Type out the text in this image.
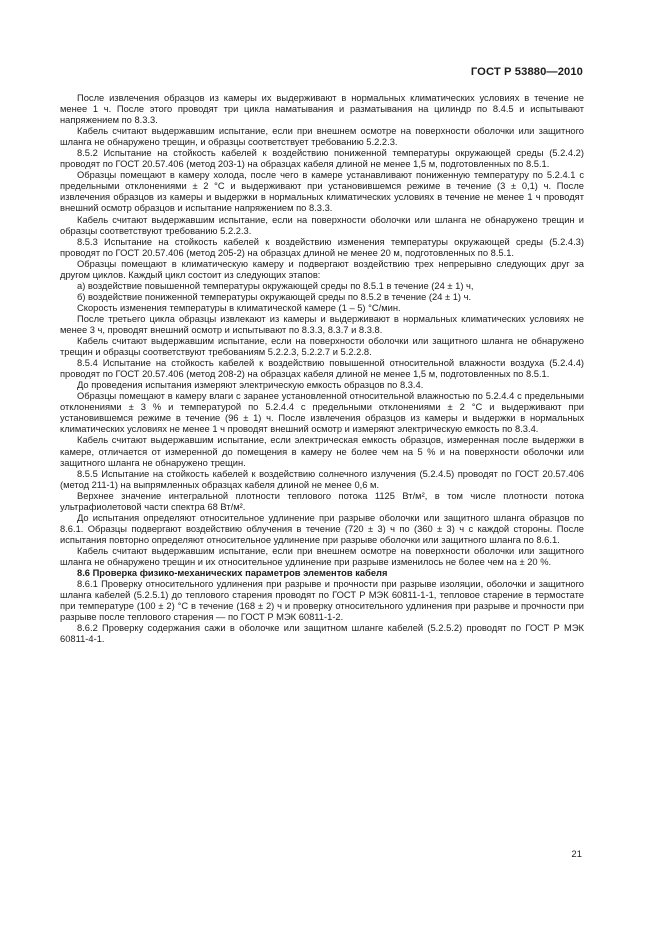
ГОСТ Р 53880—2010

После извлечения образцов из камеры их выдерживают в нормальных климатических условиях в течение не менее 1 ч. После этого проводят три цикла наматывания и разматывания на цилиндр по 8.4.5 и испытывают напряжением по 8.3.3.

Кабель считают выдержавшим испытание, если при внешнем осмотре на поверхности оболочки или защитного шланга не обнаружено трещин, и образцы соответствует требованию 5.2.2.3.

8.5.2 Испытание на стойкость кабелей к воздействию пониженной температуры окружающей среды (5.2.4.2) проводят по ГОСТ 20.57.406 (метод 203-1) на образцах кабеля длиной не менее 1,5 м, подготовленных по 8.5.1.

Образцы помещают в камеру холода, после чего в камере устанавливают пониженную температуру по 5.2.4.1 с предельными отклонениями ± 2 °С и выдерживают при установившемся режиме в течение (3 ± 0,1) ч. После извлечения образцов из камеры и выдержки в нормальных климатических условиях в течение не менее 1 ч проводят внешний осмотр образцов и испытание напряжением по 8.3.3.

Кабель считают выдержавшим испытание, если на поверхности оболочки или шланга не обнаружено трещин и образцы соответствуют требованию 5.2.2.3.

8.5.3 Испытание на стойкость кабелей к воздействию изменения температуры окружающей среды (5.2.4.3) проводят по ГОСТ 20.57.406 (метод 205-2) на образцах длиной не менее 20 м, подготовленных по 8.5.1.

Образцы помещают в климатическую камеру и подвергают воздействию трех непрерывно следующих друг за другом циклов. Каждый цикл состоит из следующих этапов:

а) воздействие повышенной температуры окружающей среды по 8.5.1 в течение (24 ± 1) ч,

б) воздействие пониженной температуры окружающей среды по 8.5.2 в течение (24 ± 1) ч.

Скорость изменения температуры в климатической камере (1 – 5) °С/мин.

После третьего цикла образцы извлекают из камеры и выдерживают в нормальных климатических условиях не менее 3 ч, проводят внешний осмотр и испытывают по 8.3.3, 8.3.7 и 8.3.8.

Кабель считают выдержавшим испытание, если на поверхности оболочки или защитного шланга не обнаружено трещин и образцы соответствуют требованиям 5.2.2.3, 5.2.2.7 и 5.2.2.8.

8.5.4 Испытание на стойкость кабелей к воздействию повышенной относительной влажности воздуха (5.2.4.4) проводят по ГОСТ 20.57.406 (метод 208-2) на образцах кабеля длиной не менее 1,5 м, подготовленных по 8.5.1.

До проведения испытания измеряют электрическую емкость образцов по 8.3.4.

Образцы помещают в камеру влаги с заранее установленной относительной влажностью по 5.2.4.4 с предельными отклонениями ± 3 % и температурой по 5.2.4.4 с предельными отклонениями ± 2 °С и выдерживают при установившемся режиме в течение (96 ± 1) ч. После извлечения образцов из камеры и выдержки в нормальных климатических условиях не менее 1 ч проводят внешний осмотр и измеряют электрическую емкость по 8.3.4.

Кабель считают выдержавшим испытание, если электрическая емкость образцов, измеренная после выдержки в камере, отличается от измеренной до помещения в камеру не более чем на 5 % и на поверхности оболочки или защитного шланга не обнаружено трещин.

8.5.5 Испытание на стойкость кабелей к воздействию солнечного излучения (5.2.4.5) проводят по ГОСТ 20.57.406 (метод 211-1) на выпрямленных образцах кабеля длиной не менее 0,6 м.

Верхнее значение интегральной плотности теплового потока 1125 Вт/м², в том числе плотности потока ультрафиолетовой части спектра 68 Вт/м².

До испытания определяют относительное удлинение при разрыве оболочки или защитного шланга образцов по 8.6.1. Образцы подвергают воздействию облучения в течение (720 ± 3) ч по (360 ± 3) ч с каждой стороны. После испытания повторно определяют относительное удлинение при разрыве оболочки или защитного шланга по 8.6.1.

Кабель считают выдержавшим испытание, если при внешнем осмотре на поверхности оболочки или защитного шланга не обнаружено трещин и их относительное удлинение при разрыве изменилось не более чем на ± 20 %.

8.6 Проверка физико-механических параметров элементов кабеля

8.6.1 Проверку относительного удлинения при разрыве и прочности при разрыве изоляции, оболочки и защитного шланга кабелей (5.2.5.1) до теплового старения проводят по ГОСТ Р МЭК 60811-1-1, тепловое старение в термостате при температуре (100 ± 2) °С в течение (168 ± 2) ч и проверку относительного удлинения при разрыве и прочности при разрыве после теплового старения — по ГОСТ Р МЭК 60811-1-2.

8.6.2 Проверку содержания сажи в оболочке или защитном шланге кабелей (5.2.5.2) проводят по ГОСТ Р МЭК 60811-4-1.

21
